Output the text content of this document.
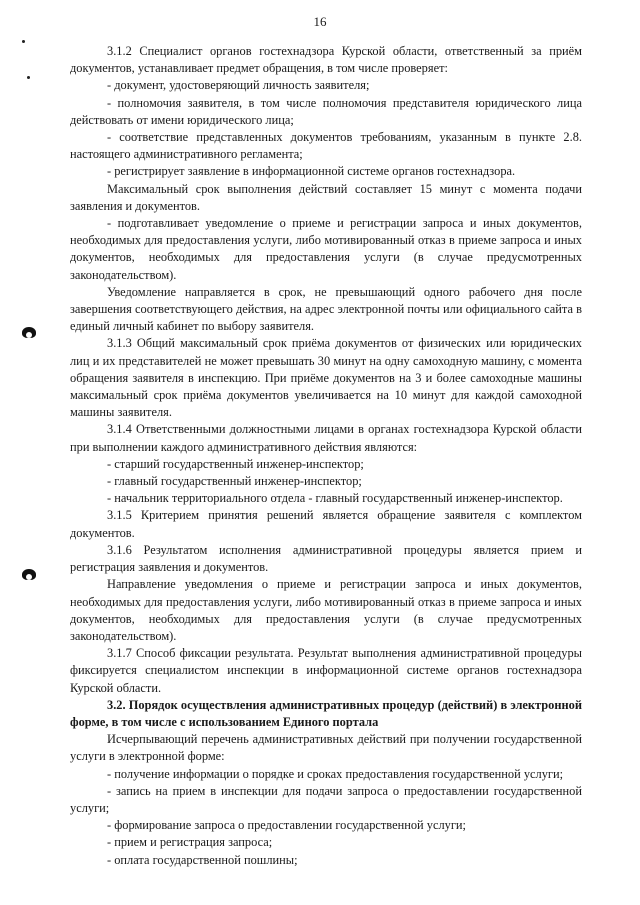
16

3.1.2 Специалист органов гостехнадзора Курской области, ответственный за приём документов, устанавливает предмет обращения, в том числе проверяет:

- документ, удостоверяющий личность заявителя;

- полномочия заявителя, в том числе полномочия представителя юридического лица действовать от имени юридического лица;

- соответствие представленных документов требованиям, указанным в пункте 2.8. настоящего административного регламента;

- регистрирует заявление в информационной системе органов гостехнадзора.

Максимальный срок выполнения действий составляет 15 минут с момента подачи заявления и документов.

- подготавливает уведомление о приеме и регистрации запроса и иных документов, необходимых для предоставления услуги, либо мотивированный отказ в приеме запроса и иных документов, необходимых для предоставления услуги (в случае предусмотренных законодательством).

Уведомление направляется в срок, не превышающий одного рабочего дня после завершения соответствующего действия, на адрес электронной почты или официального сайта в единый личный кабинет по выбору заявителя.

3.1.3 Общий максимальный срок приёма документов от физических или юридических лиц и их представителей не может превышать 30 минут на одну самоходную машину, с момента обращения заявителя в инспекцию. При приёме документов на 3 и более самоходные машины максимальный срок приёма документов увеличивается на 10 минут для каждой самоходной машины заявителя.

3.1.4 Ответственными должностными лицами в органах гостехнадзора Курской области при выполнении каждого административного действия являются:

- старший государственный инженер-инспектор;

- главный государственный инженер-инспектор;

- начальник территориального отдела - главный государственный инженер-инспектор.

3.1.5 Критерием принятия решений является обращение заявителя с комплектом документов.

3.1.6 Результатом исполнения административной процедуры является прием и регистрация заявления и документов.

Направление уведомления о приеме и регистрации запроса и иных документов, необходимых для предоставления услуги, либо мотивированный отказ в приеме запроса и иных документов, необходимых для предоставления услуги (в случае предусмотренных законодательством).

3.1.7 Способ фиксации результата. Результат выполнения административной процедуры фиксируется специалистом инспекции в информационной системе органов гостехнадзора Курской области.

3.2. Порядок осуществления административных процедур (действий) в электронной форме, в том числе с использованием Единого портала

Исчерпывающий перечень административных действий при получении государственной услуги в электронной форме:

- получение информации о порядке и сроках предоставления государственной услуги;

- запись на прием в инспекции для подачи запроса о предоставлении государственной услуги;

- формирование запроса о предоставлении государственной услуги;

- прием и регистрация запроса;

- оплата государственной пошлины;
